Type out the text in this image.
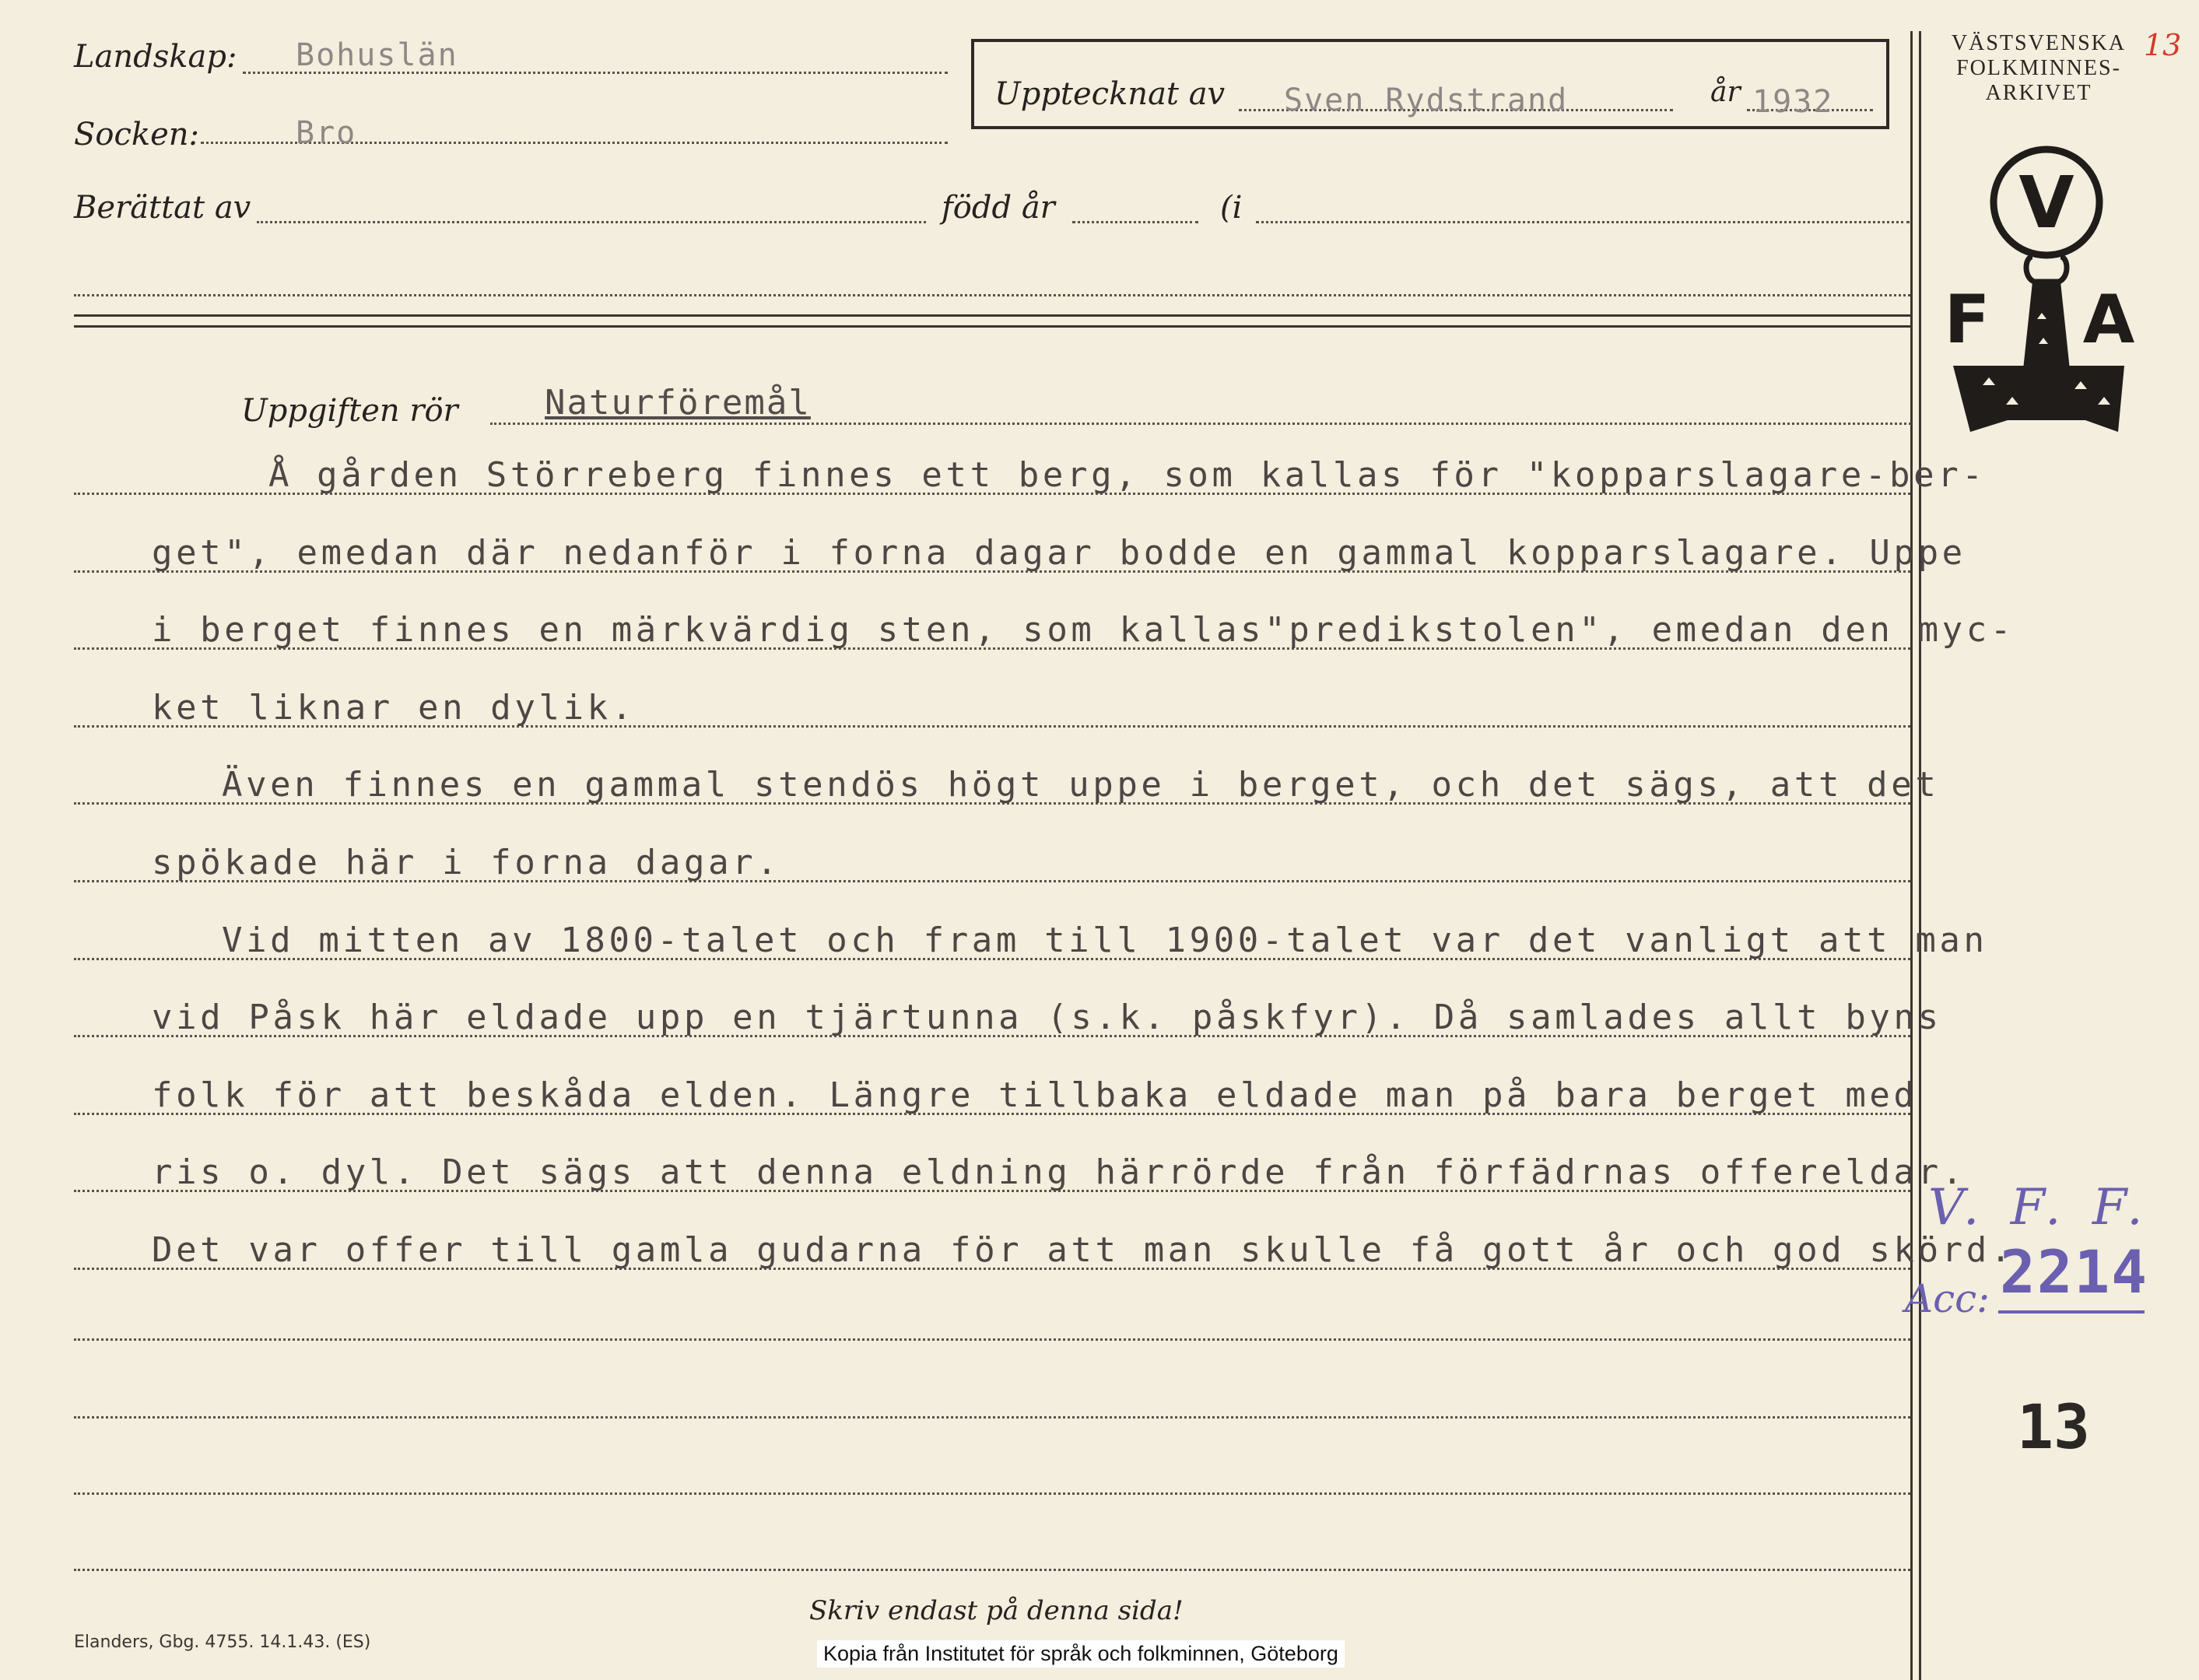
Landskap: Bohuslän
Socken:	Bro
Upptecknat av Sven Rydstrand	år 1932
Berättat av	född år	(i
VÄSTSVENSKA
FOLKMINNES-
ARKIVET
13
V
F A
Uppgiften rör	Naturföremål
Å gården Störreberg finnes ett berg, som kallas för "kopparslagare-ber-
get", emedan där nedanför i forna dagar bodde en gammal kopparslagare. Uppe
i berget finnes en märkvärdig sten, som kallas"predikstolen", emedan den myc-
ket liknar en dylik.
Även finnes en gammal stendös högt uppe i berget, och det sägs, att det
spökade här i forna dagar.
Vid mitten av 1800-talet och fram till 1900-talet var det vanligt att man
vid Påsk här eldade upp en tjärtunna (s.k. påskfyr). Då samlades allt byns
folk för att beskåda elden. Längre tillbaka eldade man på bara berget med
ris o. dyl. Det sägs att denna eldning härrörde från förfädrnas offereldar.
Det var offer till gamla gudarna för att man skulle få gott år och god skörd.
V. F. F.
Acc: 2214
13
Skriv endast på denna sida!
Elanders, Gbg. 4755. 14.1.43. (ES)	Kopia från Institutet för språk och folkminnen, Göteborg
